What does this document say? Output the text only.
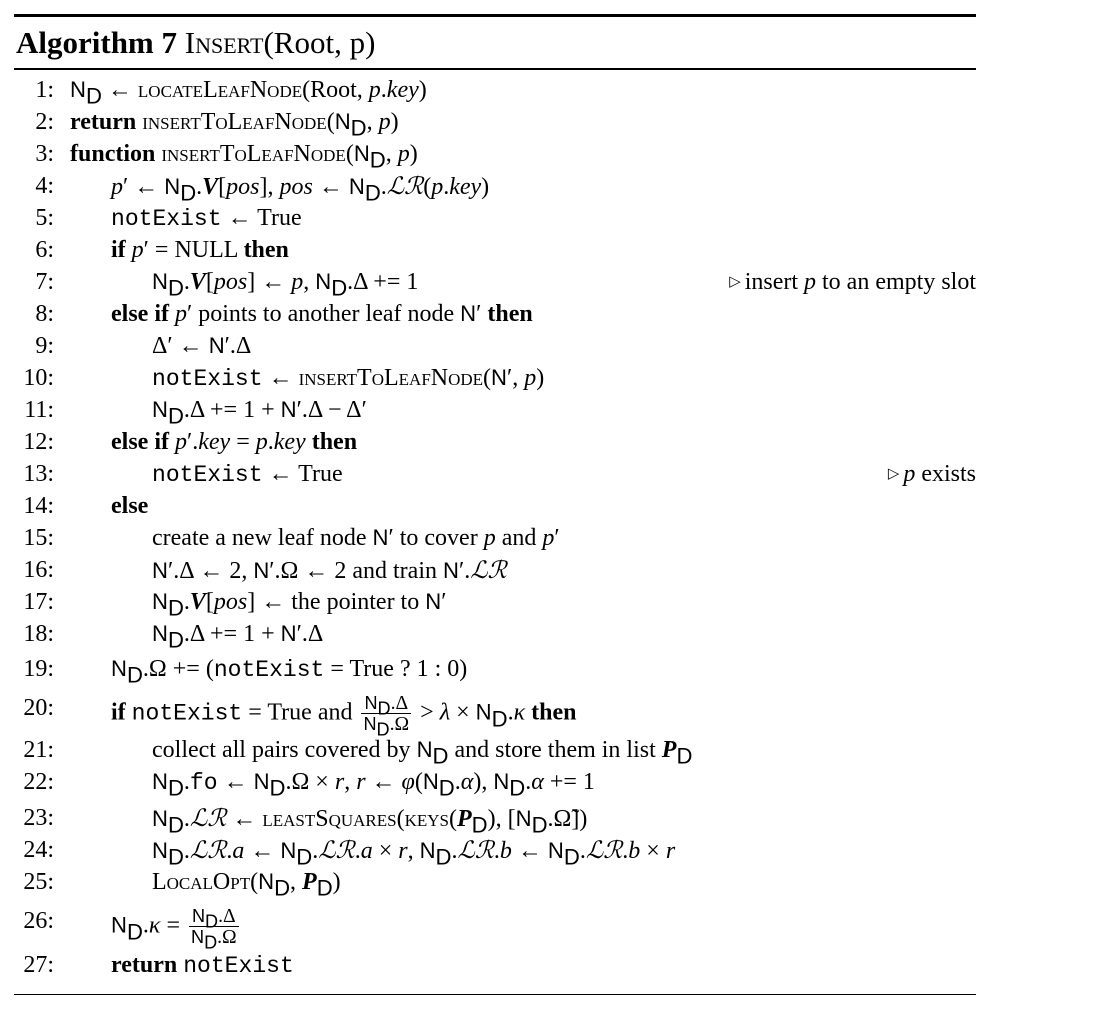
Algorithm 7 Insert(Root, p)
1: $N_D$ ← locateLeafNode(Root, p.key)
2: return $insertToLeafNode(N_D$, p)
3: function $insertToLeafNode(N_D$, p)
4:	p′ ← $N_D.V[pos]$, pos ← $N_D.ℒℛ(p.key)$
5:	notExist ← True
6:	if p′ = NULL then
7:	$N_D.V[pos]$ ← p, $N_D.\Delta += 1$	▷ insert p to an empty slot
8:	else if p′ points to another leaf node N′ then
9:	Δ′ ← N′.Δ
10:	notExist ← insertToLeafNode(N′, p)
11:	$N_D.\Delta += 1 + N'.\Delta - \Delta'$
12:	else if p′.key = p.key then
13:	notExist ← True	▷ p exists
14:	else
15:	create a new leaf node N′ to cover p and p′
16:	N′.Δ ← 2, N′.Ω ← 2 and train N′.ℒℛ
17:	$N_D.V[pos]$ ← the pointer to N′
18:	$N_D.\Delta += 1 + N'.\Delta$
19:	$N_D.\Omega$ += (notExist = True ? 1 : 0)
20:	if notExist = True and $\frac{N_D.\Delta}{N_D.\Omega} > \lambda \times N_D.\kappa$ then
21:	collect all pairs covered by $N_D$ and store them in list $P_D$
22:	$N_D.fo$ ← $N_D.\Omega \times r$, r ← $\varphi(N_D.\alpha)$, $N_D.\alpha += 1$
23:	$N_D.ℒℛ$ ← $leastSquares(keys(P_D)$, $[N_D.\Omegã]$)
24:	$N_D.ℒℛ.a$ ← $N_D.ℒℛ.a \times r$, $N_D.ℒℛ.b$ ← $N_D.ℒℛ.b \times r$
25:	$LocalOpt(N_D$, $P_D$)
26:	$N_D.\kappa = \frac{N_D.\Delta}{N_D.\Omega}$
27:	return notExist
